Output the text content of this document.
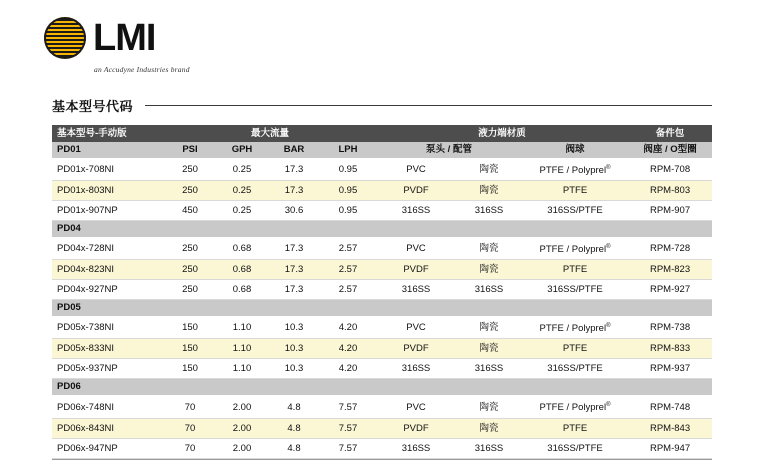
LMI
an Accudyne Industries brand
基本型号代码
基本型号-手动版	最大流量				液力端材质			备件包
PD01	PSI	GPH	BAR	LPH	泵头 / 配管		阀球	阀座 / O型圈
PD01x-708NI	250	0.25	17.3	0.95	PVC	陶瓷	PTFE / Polyprel®	RPM-708
PD01x-803NI	250	0.25	17.3	0.95	PVDF	陶瓷	PTFE	RPM-803
PD01x-907NP	450	0.25	30.6	0.95	316SS	316SS	316SS/PTFE	RPM-907
PD04								
PD04x-728NI	250	0.68	17.3	2.57	PVC	陶瓷	PTFE / Polyprel®	RPM-728
PD04x-823NI	250	0.68	17.3	2.57	PVDF	陶瓷	PTFE	RPM-823
PD04x-927NP	250	0.68	17.3	2.57	316SS	316SS	316SS/PTFE	RPM-927
PD05								
PD05x-738NI	150	1.10	10.3	4.20	PVC	陶瓷	PTFE / Polyprel®	RPM-738
PD05x-833NI	150	1.10	10.3	4.20	PVDF	陶瓷	PTFE	RPM-833
PD05x-937NP	150	1.10	10.3	4.20	316SS	316SS	316SS/PTFE	RPM-937
PD06								
PD06x-748NI	70	2.00	4.8	7.57	PVC	陶瓷	PTFE / Polyprel®	RPM-748
PD06x-843NI	70	2.00	4.8	7.57	PVDF	陶瓷	PTFE	RPM-843
PD06x-947NP	70	2.00	4.8	7.57	316SS	316SS	316SS/PTFE	RPM-947
